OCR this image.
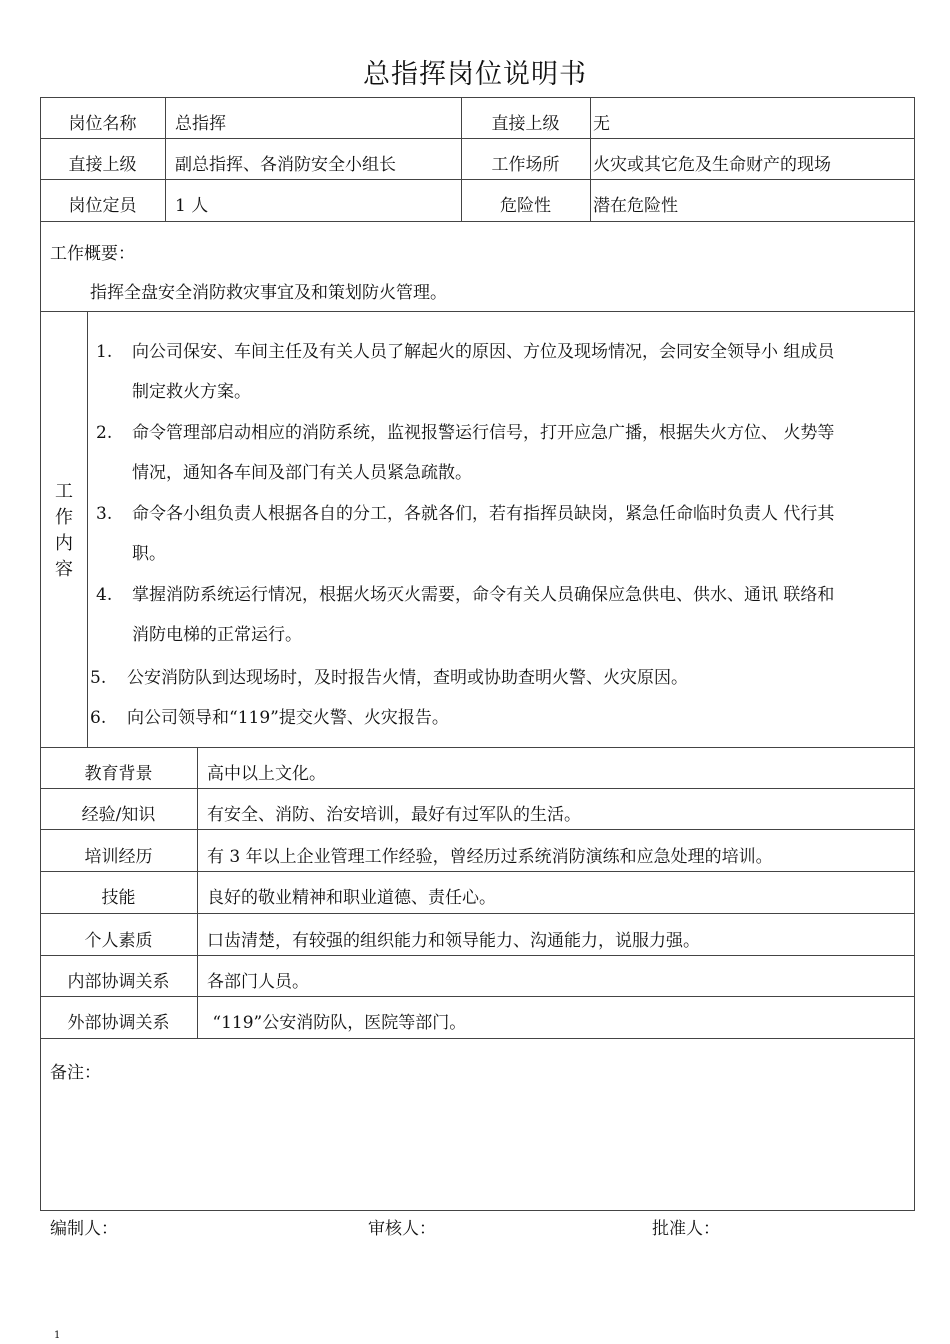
总指挥岗位说明书
岗位名称	总指挥	直接上级	无
直接上级	副总指挥、各消防安全小组长	工作场所	火灾或其它危及生命财产的现场
岗位定员	1 人	危险性	潜在危险性
工作概要：
指挥全盘安全消防救灾事宜及和策划防火管理。
工
作
内
容
1. 向公司保安、车间主任及有关人员了解起火的原因、方位及现场情况，会同安全领导小 组成员
制定救火方案。
2. 命令管理部启动相应的消防系统，监视报警运行信号，打开应急广播，根据失火方位、 火势等
情况，通知各车间及部门有关人员紧急疏散。
3. 命令各小组负责人根据各自的分工，各就各们，若有指挥员缺岗，紧急任命临时负责人 代行其
职。
4. 掌握消防系统运行情况，根据火场灭火需要，命令有关人员确保应急供电、供水、通讯 联络和
消防电梯的正常运行。
5. 公安消防队到达现场时，及时报告火情，查明或协助查明火警、火灾原因。
6. 向公司领导和“119”提交火警、火灾报告。
教育背景	高中以上文化。
经验/知识	有安全、消防、治安培训，最好有过军队的生活。
培训经历	有 3 年以上企业管理工作经验，曾经历过系统消防演练和应急处理的培训。
技能	良好的敬业精神和职业道德、责任心。
个人素质	口齿清楚，有较强的组织能力和领导能力、沟通能力，说服力强。
内部协调关系	各部门人员。
外部协调关系	“119”公安消防队，医院等部门。
备注：
编制人：	审核人：	批准人：
1
